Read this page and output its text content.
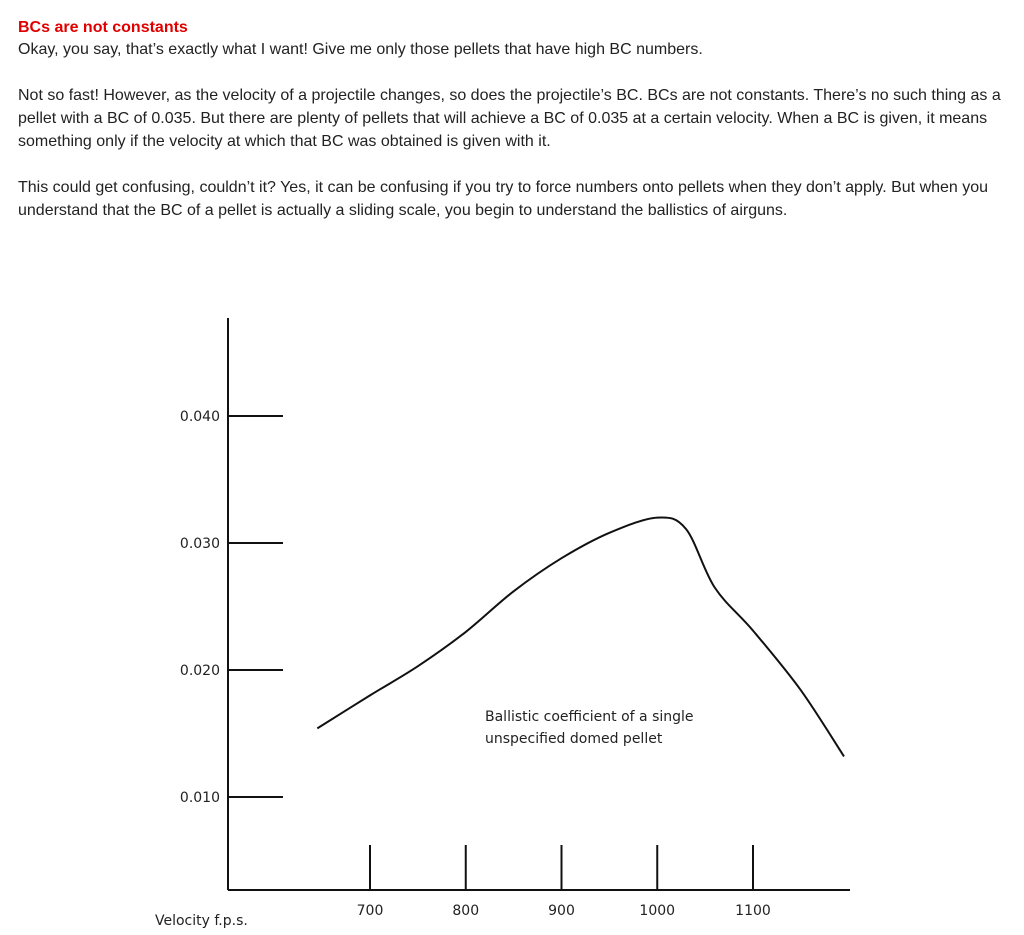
BCs are not constants

Okay, you say, that’s exactly what I want! Give me only those pellets that have high BC numbers.

Not so fast! However, as the velocity of a projectile changes, so does the projectile’s BC. BCs are not constants. There’s no such thing as a pellet with a BC of 0.035. But there are plenty of pellets that will achieve a BC of 0.035 at a certain velocity. When a BC is given, it means something only if the velocity at which that BC was obtained is given with it.

This could get confusing, couldn’t it? Yes, it can be confusing if you try to force numbers onto pellets when they don’t apply. But when you understand that the BC of a pellet is actually a sliding scale, you begin to understand the ballistics of airguns.

0.040
0.030
0.020
0.010
700	800	900	1000	1100
Ballistic coefficient of a single
unspecified domed pellet
Velocity f.p.s.
